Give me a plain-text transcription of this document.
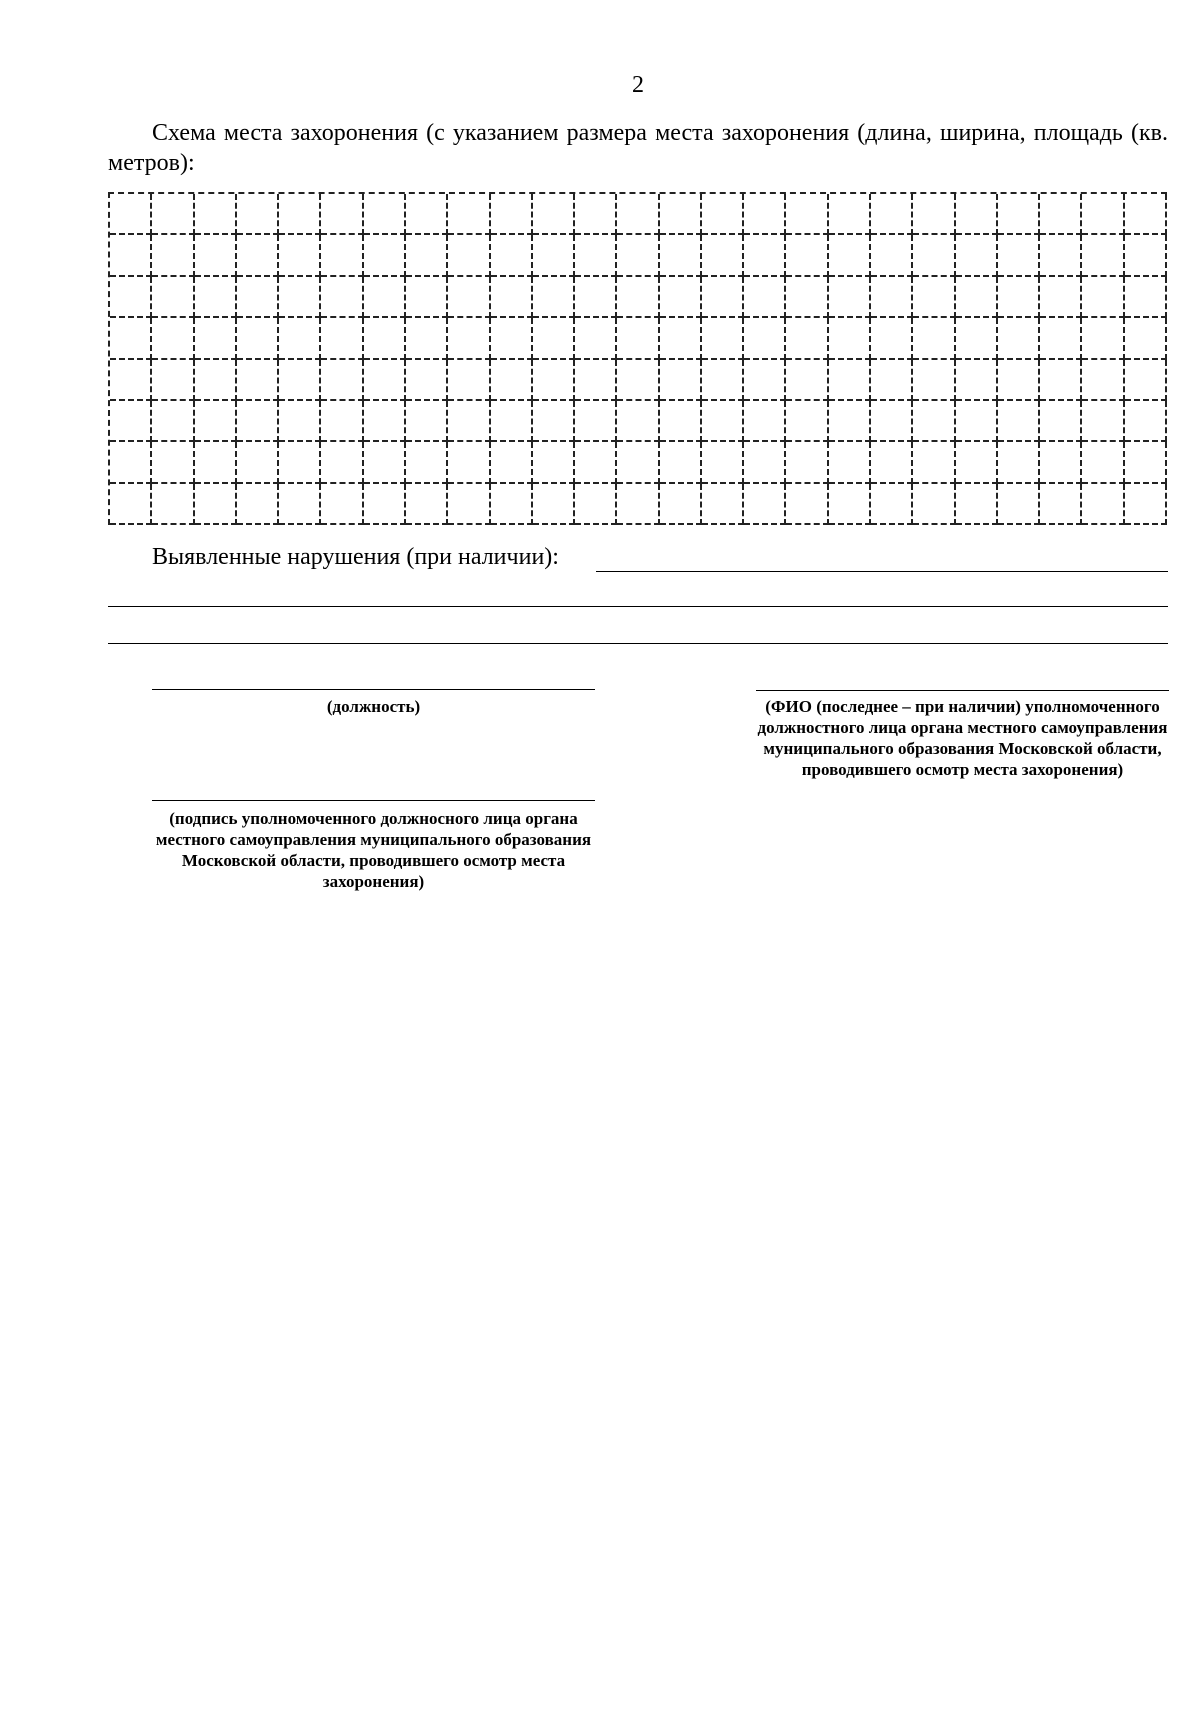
2
Схема места захоронения (с указанием размера места захоронения (длина, ширина, площадь (кв. метров):
Выявленные нарушения (при наличии):
(должность)	(ФИО (последнее – при наличии) уполномоченного должностного лица органа местного самоуправления муниципального образования Московской области, проводившего осмотр места захоронения)
(подпись уполномоченного должносного лица органа местного самоуправления муниципального образования Московской области, проводившего осмотр места захоронения)
